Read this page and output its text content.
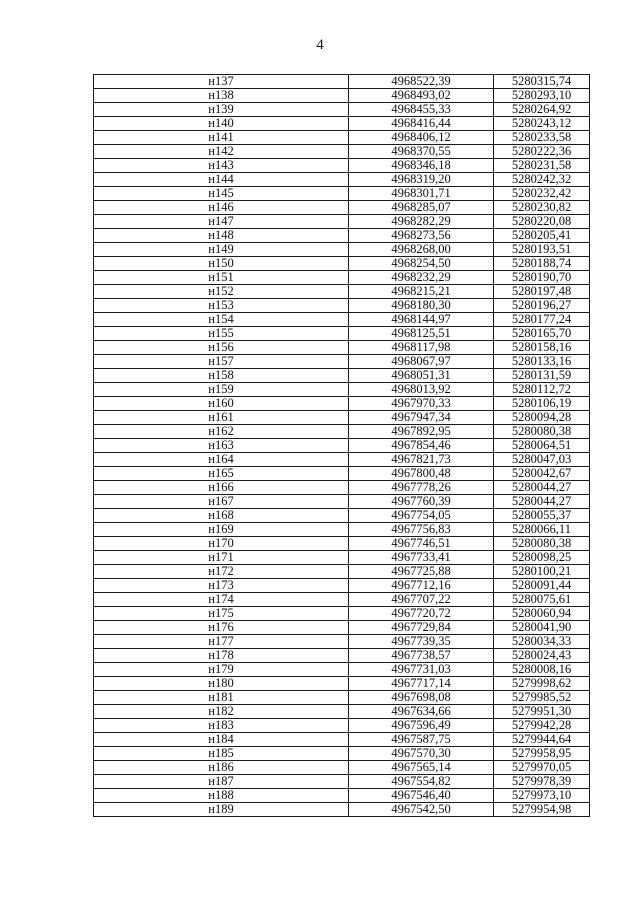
4
н137	4968522,39	5280315,74
н138	4968493,02	5280293,10
н139	4968455,33	5280264,92
н140	4968416,44	5280243,12
н141	4968406,12	5280233,58
н142	4968370,55	5280222,36
н143	4968346,18	5280231,58
н144	4968319,20	5280242,32
н145	4968301,71	5280232,42
н146	4968285,07	5280230,82
н147	4968282,29	5280220,08
н148	4968273,56	5280205,41
н149	4968268,00	5280193,51
н150	4968254,50	5280188,74
н151	4968232,29	5280190,70
н152	4968215,21	5280197,48
н153	4968180,30	5280196,27
н154	4968144,97	5280177,24
н155	4968125,51	5280165,70
н156	4968117,98	5280158,16
н157	4968067,97	5280133,16
н158	4968051,31	5280131,59
н159	4968013,92	5280112,72
н160	4967970,33	5280106,19
н161	4967947,34	5280094,28
н162	4967892,95	5280080,38
н163	4967854,46	5280064,51
н164	4967821,73	5280047,03
н165	4967800,48	5280042,67
н166	4967778,26	5280044,27
н167	4967760,39	5280044,27
н168	4967754,05	5280055,37
н169	4967756,83	5280066,11
н170	4967746,51	5280080,38
н171	4967733,41	5280098,25
н172	4967725,88	5280100,21
н173	4967712,16	5280091,44
н174	4967707,22	5280075,61
н175	4967720,72	5280060,94
н176	4967729,84	5280041,90
н177	4967739,35	5280034,33
н178	4967738,57	5280024,43
н179	4967731,03	5280008,16
н180	4967717,14	5279998,62
н181	4967698,08	5279985,52
н182	4967634,66	5279951,30
н183	4967596,49	5279942,28
н184	4967587,75	5279944,64
н185	4967570,30	5279958,95
н186	4967565,14	5279970,05
н187	4967554,82	5279978,39
н188	4967546,40	5279973,10
н189	4967542,50	5279954,98
